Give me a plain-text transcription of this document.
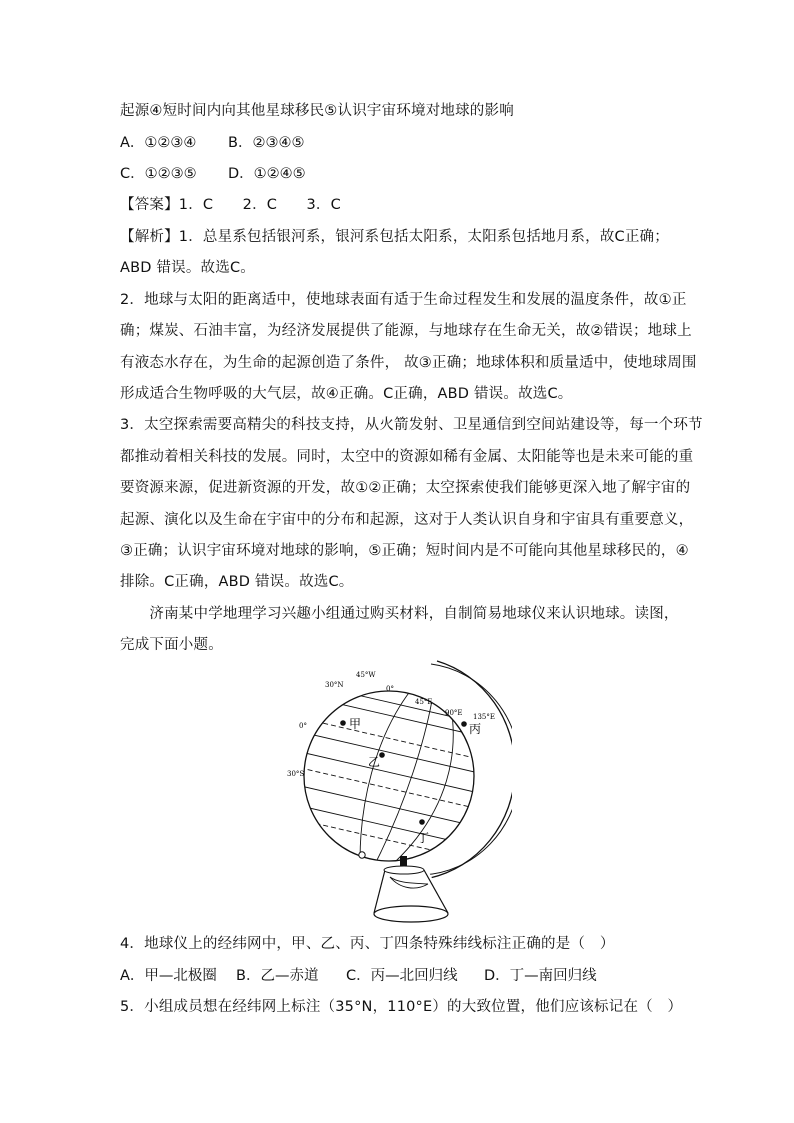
起源④短时间内向其他星球移民⑤认识宇宙环境对地球的影响
A．①②③④ B．②③④⑤
C．①②③⑤ D．①②④⑤
【答案】1．C　　2．C　　3．C
【解析】1．总星系包括银河系，银河系包括太阳系，太阳系包括地月系，故C正确；
ABD 错误。故选C。
2．地球与太阳的距离适中，使地球表面有适于生命过程发生和发展的温度条件，故①正
确；煤炭、石油丰富，为经济发展提供了能源，与地球存在生命无关，故②错误；地球上
有液态水存在，为生命的起源创造了条件， 故③正确；地球体积和质量适中，使地球周围
形成适合生物呼吸的大气层，故④正确。C正确，ABD 错误。故选C。
3．太空探索需要高精尖的科技支持，从火箭发射、卫星通信到空间站建设等，每一个环节
都推动着相关科技的发展。同时，太空中的资源如稀有金属、太阳能等也是未来可能的重
要资源来源，促进新资源的开发，故①②正确；太空探索使我们能够更深入地了解宇宙的
起源、演化以及生命在宇宙中的分布和起源，这对于人类认识自身和宇宙具有重要意义，
③正确；认识宇宙环境对地球的影响，⑤正确；短时间内是不可能向其他星球移民的，④
排除。C正确，ABD 错误。故选C。
　　济南某中学地理学习兴趣小组通过购买材料，自制简易地球仪来认识地球。读图，
完成下面小题。
30°N
0°
30°S
45°W
0°
45°E
90°E 135°E
甲
乙
丙
丁
4．地球仪上的经纬网中，甲、乙、丙、丁四条特殊纬线标注正确的是（　）
A．甲—北极圈 B．乙—赤道 C．丙—北回归线 D．丁—南回归线
5．小组成员想在经纬网上标注（35°N，110°E）的大致位置，他们应该标记在（　）
